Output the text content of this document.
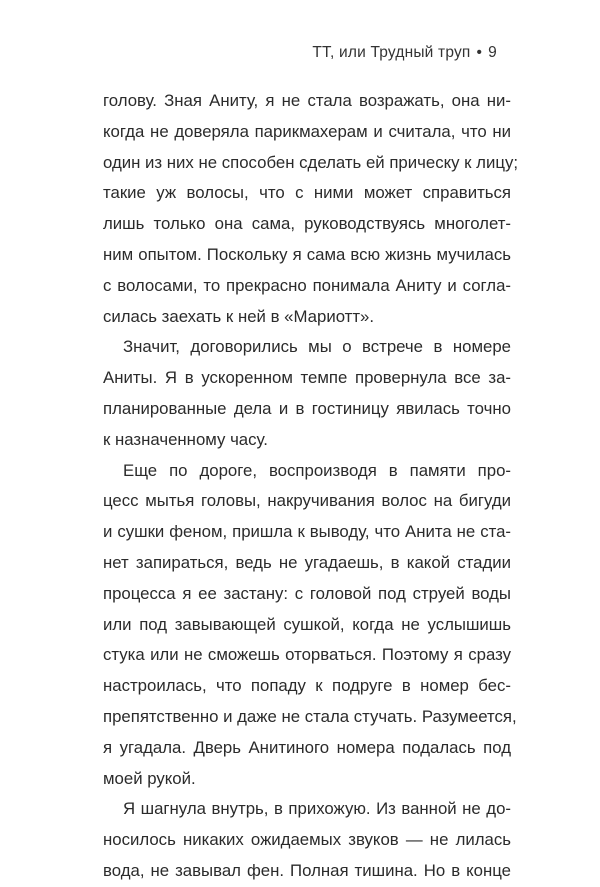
ТТ, или Трудный труп • 9
голову. Зная Аниту, я не стала возражать, она ни-
когда не доверяла парикмахерам и считала, что ни
один из них не способен сделать ей прическу к лицу;
такие уж волосы, что с ними может справиться
лишь только она сама, руководствуясь многолет-
ним опытом. Поскольку я сама всю жизнь мучилась
с волосами, то прекрасно понимала Аниту и согла-
силась заехать к ней в «Мариотт».
Значит, договорились мы о встрече в номере
Аниты. Я в ускоренном темпе провернула все за-
планированные дела и в гостиницу явилась точно
к назначенному часу.
Еще по дороге, воспроизводя в памяти про-
цесс мытья головы, накручивания волос на бигуди
и сушки феном, пришла к выводу, что Анита не ста-
нет запираться, ведь не угадаешь, в какой стадии
процесса я ее застану: с головой под струей воды
или под завывающей сушкой, когда не услышишь
стука или не сможешь оторваться. Поэтому я сразу
настроилась, что попаду к подруге в номер бес-
препятственно и даже не стала стучать. Разумеется,
я угадала. Дверь Анитиного номера подалась под
моей рукой.
Я шагнула внутрь, в прихожую. Из ванной не до-
носилось никаких ожидаемых звуков — не лилась
вода, не завывал фен. Полная тишина. Но в конце
